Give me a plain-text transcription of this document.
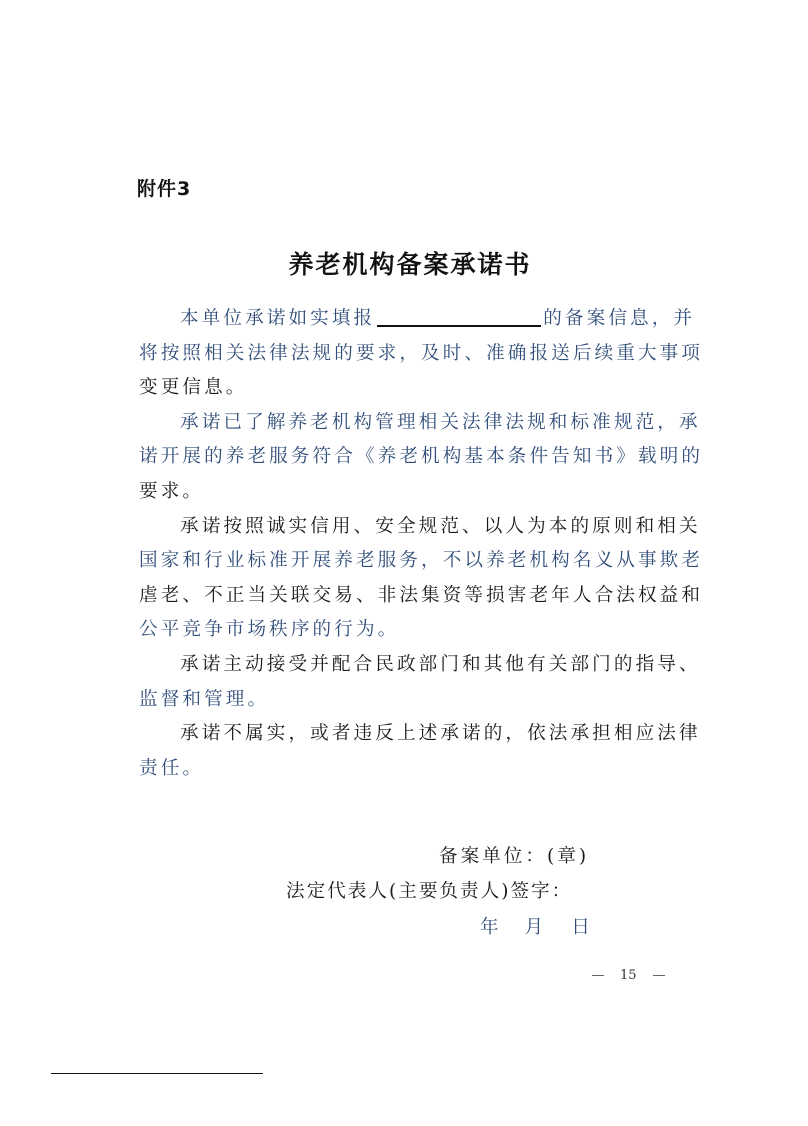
附件3
养老机构备案承诺书
本单位承诺如实填报	的备案信息，并
将按照相关法律法规的要求，及时、准确报送后续重大事项
变更信息。
承诺已了解养老机构管理相关法律法规和标准规范，承
诺开展的养老服务符合《养老机构基本条件告知书》载明的
要求。
承诺按照诚实信用、安全规范、以人为本的原则和相关
国家和行业标准开展养老服务，不以养老机构名义从事欺老
虐老、不正当关联交易、非法集资等损害老年人合法权益和
公平竞争市场秩序的行为。
承诺主动接受并配合民政部门和其他有关部门的指导、
监督和管理。
承诺不属实，或者违反上述承诺的，依法承担相应法律
责任。
备案单位：(章)
法定代表人(主要负责人)签字：
年 月 日
15
